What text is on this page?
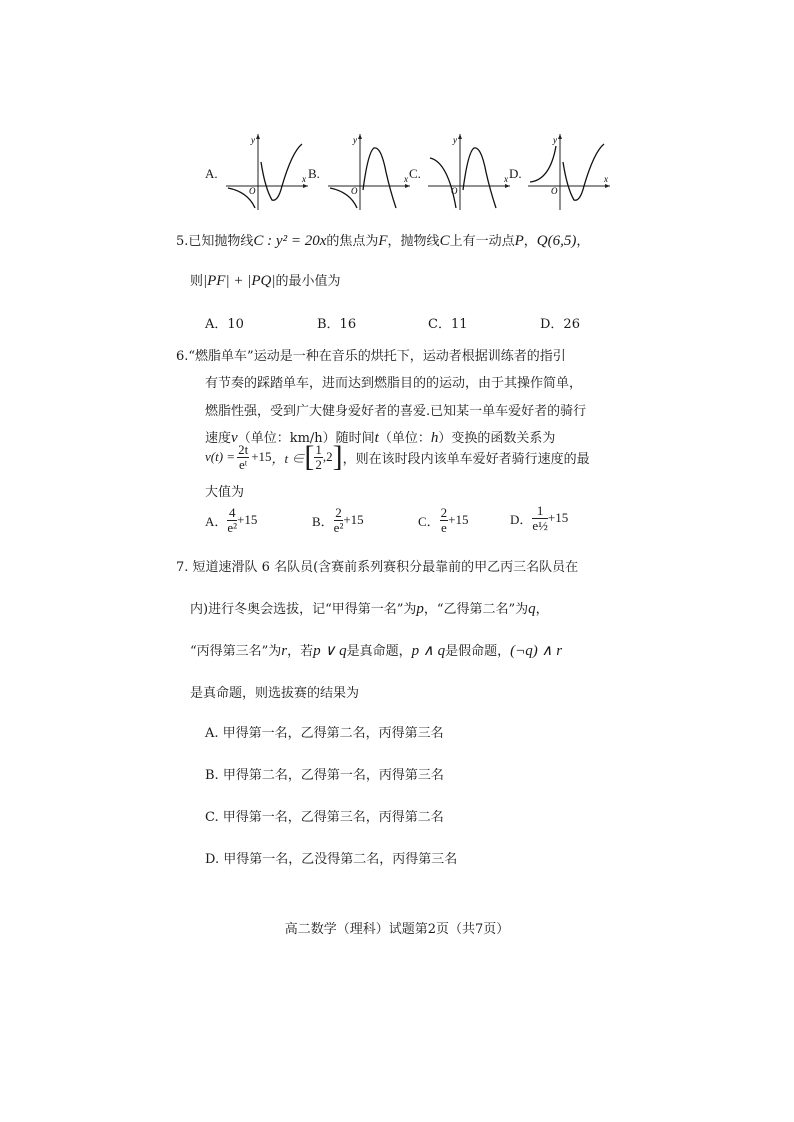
A.
y
x
O
B.
y
x
O
C.
y
x
O
D.
y
x
O
5.已知抛物线C : y² = 20x的焦点为F，抛物线C上有一动点P，Q(6,5)，
则|PF| + |PQ|的最小值为
A．10	B．16	C．11	D．26
6.“燃脂单车”运动是一种在音乐的烘托下，运动者根据训练者的指引
有节奏的踩踏单车，进而达到燃脂目的的运动，由于其操作简单，
燃脂性强，受到广大健身爱好者的喜爱.已知某一单车爱好者的骑行
速度v（单位：km/h）随时间t（单位：h）变换的函数关系为
$v(t) = \frac{2t}{\text{eᵗ}} +15$ ，t ∈ [ $\frac{1}{2} ,2$ ] ，则在该时段内该单车爱好者骑行速度的最
大值为
A． $\frac{4}{\text{e²}} +15$	B． $\frac{2}{\text{e²}} +15$	C． $\frac{2}{e} +15$	D． $\frac{1}{\text{e½}} +15$
7. 短道速滑队 6 名队员(含赛前系列赛积分最靠前的甲乙丙三名队员在
内)进行冬奥会选拔，记“甲得第一名”为p，“乙得第二名”为q，
“丙得第三名”为r，若p ∨ q是真命题，p ∧ q是假命题，(¬q) ∧ r
是真命题，则选拔赛的结果为
A. 甲得第一名，乙得第二名，丙得第三名
B. 甲得第二名，乙得第一名，丙得第三名
C. 甲得第一名，乙得第三名，丙得第二名
D. 甲得第一名，乙没得第二名，丙得第三名
高二数学（理科）试题第2页（共7页）
